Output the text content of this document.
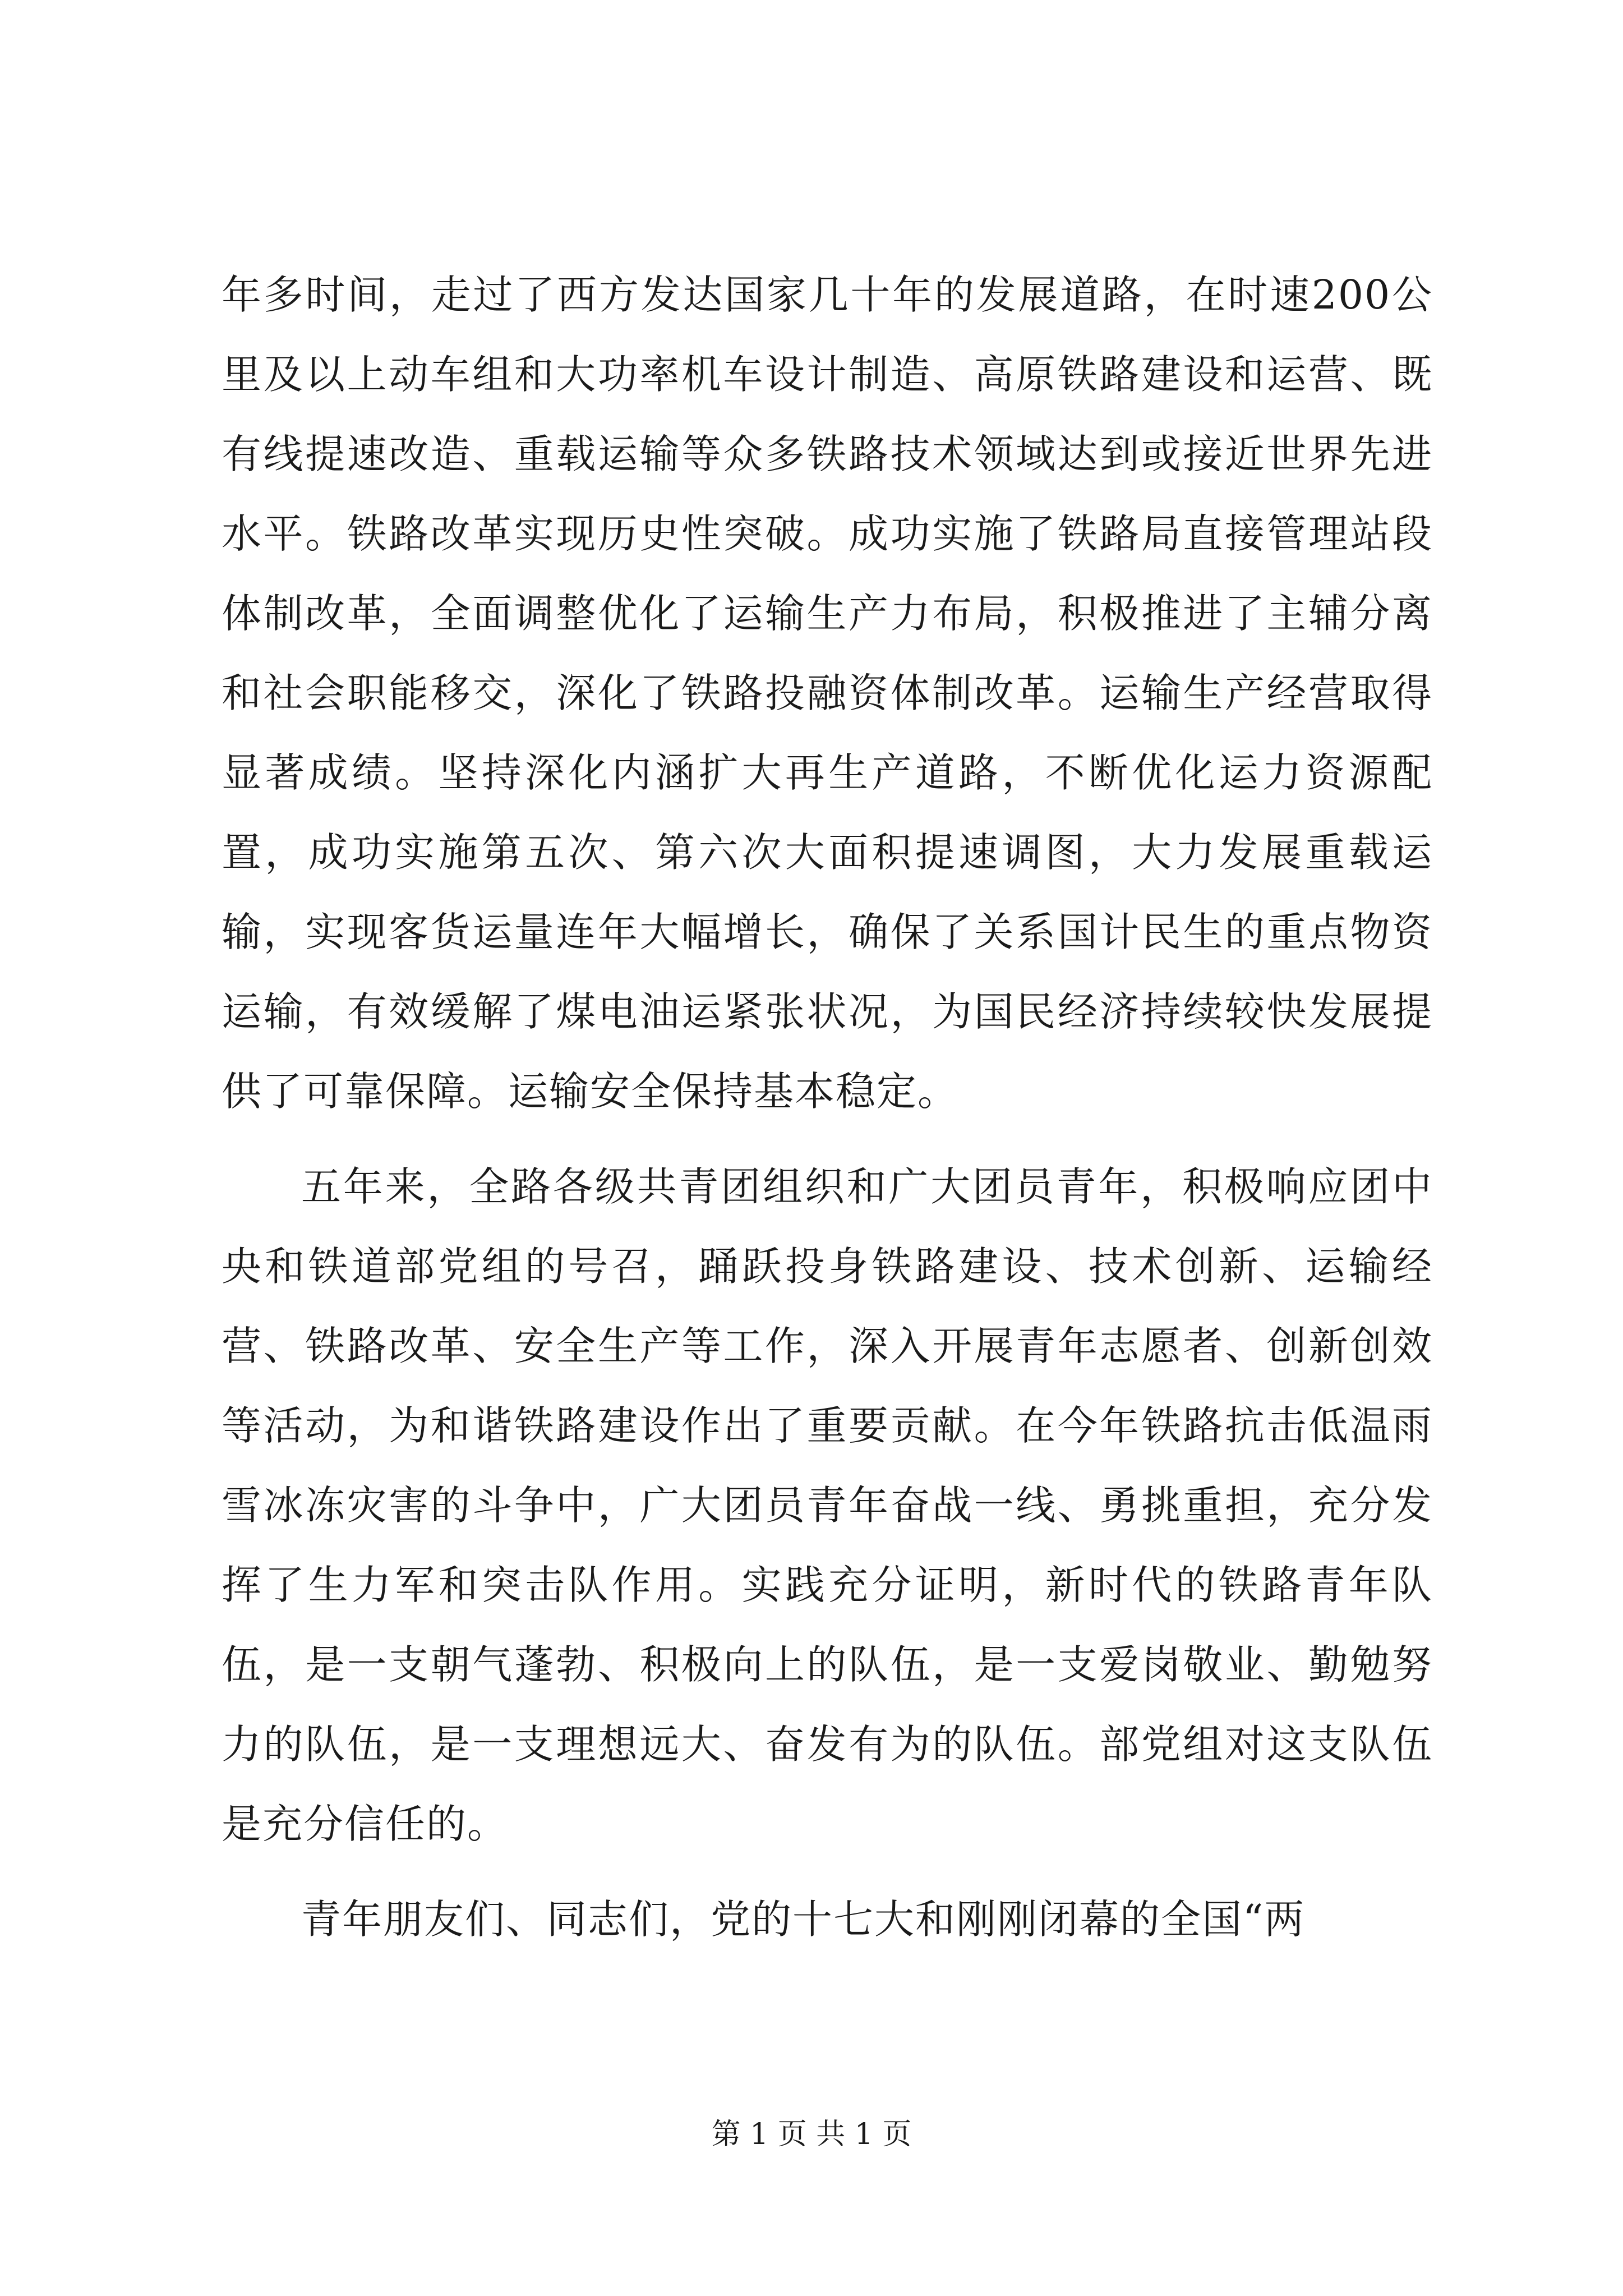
年多时间，走过了西方发达国家几十年的发展道路，在时速200公里及以上动车组和大功率机车设计制造、高原铁路建设和运营、既有线提速改造、重载运输等众多铁路技术领域达到或接近世界先进水平。铁路改革实现历史性突破。成功实施了铁路局直接管理站段体制改革，全面调整优化了运输生产力布局，积极推进了主辅分离和社会职能移交，深化了铁路投融资体制改革。运输生产经营取得显著成绩。坚持深化内涵扩大再生产道路，不断优化运力资源配置，成功实施第五次、第六次大面积提速调图，大力发展重载运输，实现客货运量连年大幅增长，确保了关系国计民生的重点物资运输，有效缓解了煤电油运紧张状况，为国民经济持续较快发展提供了可靠保障。运输安全保持基本稳定。

五年来，全路各级共青团组织和广大团员青年，积极响应团中央和铁道部党组的号召，踊跃投身铁路建设、技术创新、运输经营、铁路改革、安全生产等工作，深入开展青年志愿者、创新创效等活动，为和谐铁路建设作出了重要贡献。在今年铁路抗击低温雨雪冰冻灾害的斗争中，广大团员青年奋战一线、勇挑重担，充分发挥了生力军和突击队作用。实践充分证明，新时代的铁路青年队伍，是一支朝气蓬勃、积极向上的队伍，是一支爱岗敬业、勤勉努力的队伍，是一支理想远大、奋发有为的队伍。部党组对这支队伍是充分信任的。

青年朋友们、同志们，党的十七大和刚刚闭幕的全国“两

第 1 页 共 1 页
